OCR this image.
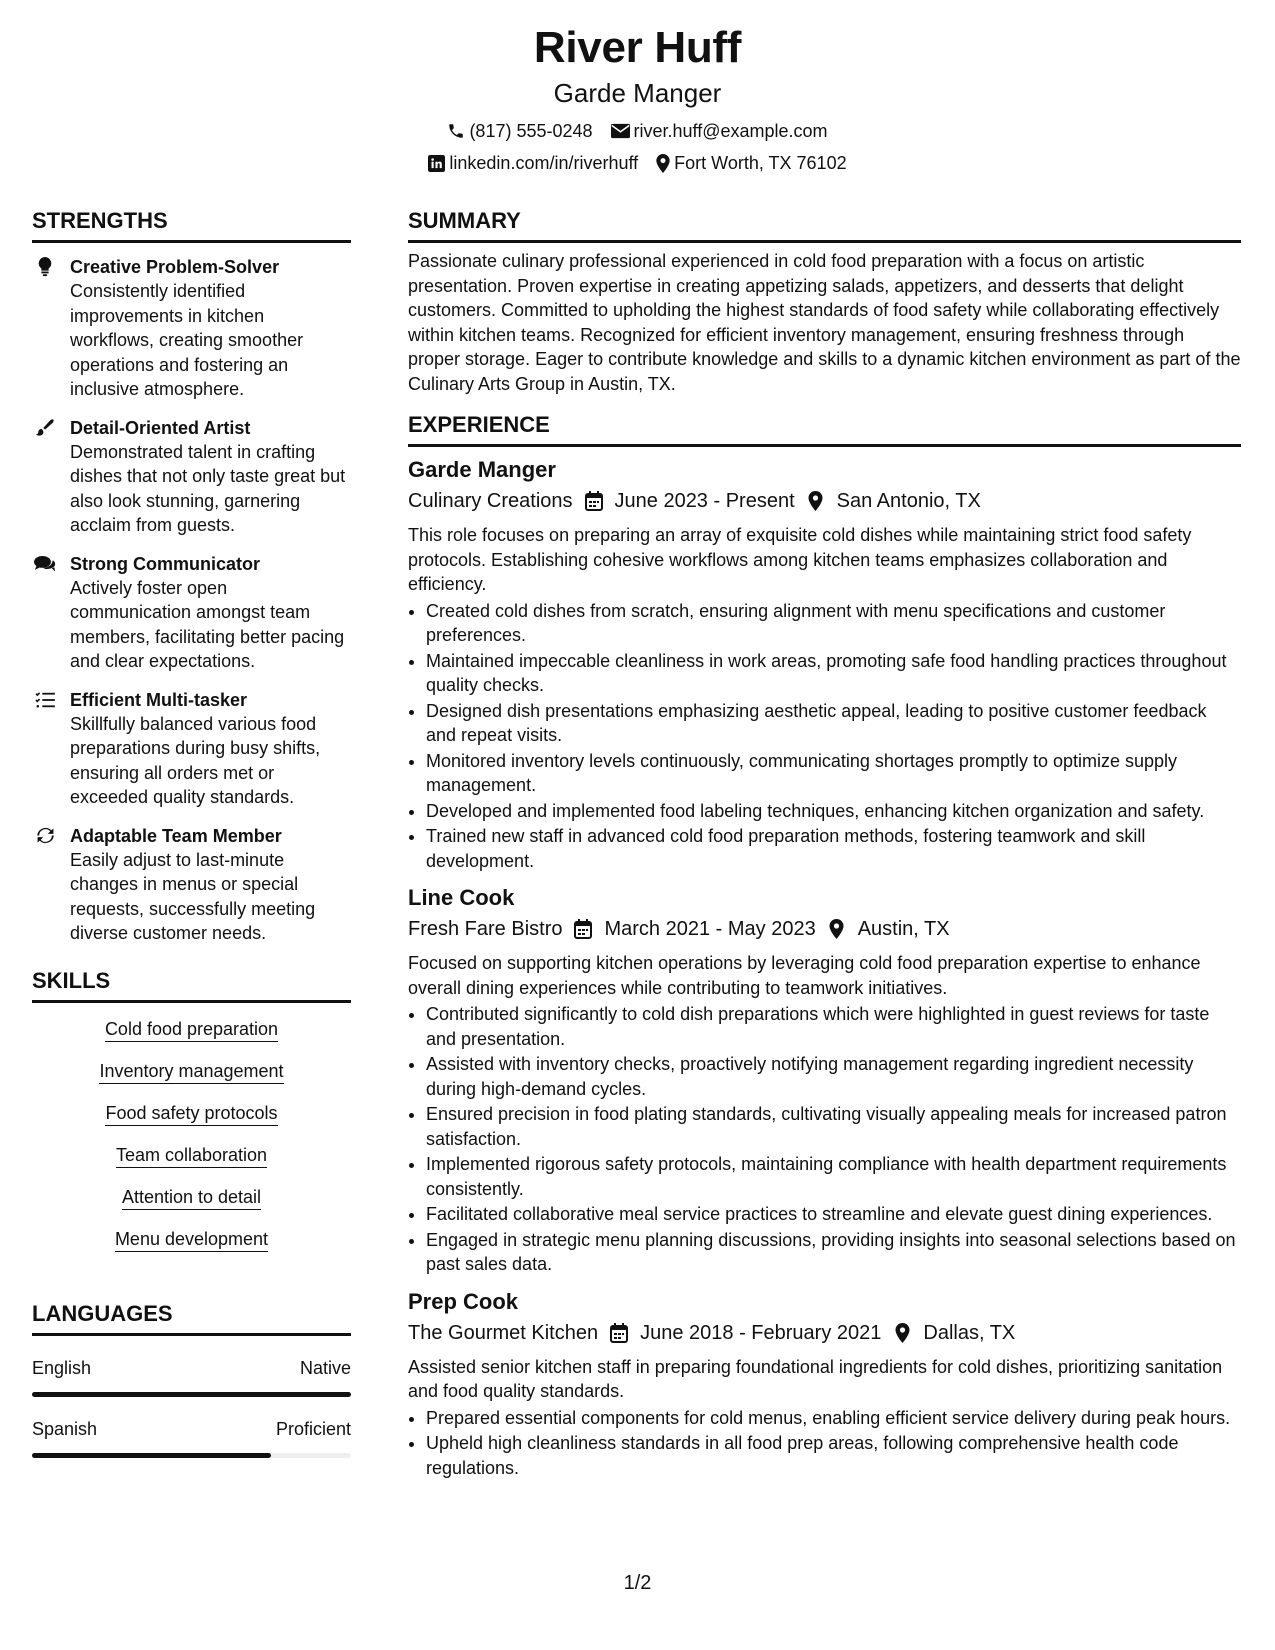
River Huff
Garde Manger
(817) 555-0248 river.huff@example.com
linkedin.com/in/riverhuff Fort Worth, TX 76102
STRENGTHS
Creative Problem-Solver
Consistently identified improvements in kitchen workflows, creating smoother operations and fostering an inclusive atmosphere.
Detail-Oriented Artist
Demonstrated talent in crafting dishes that not only taste great but also look stunning, garnering acclaim from guests.
Strong Communicator
Actively foster open communication amongst team members, facilitating better pacing and clear expectations.
Efficient Multi-tasker
Skillfully balanced various food preparations during busy shifts, ensuring all orders met or exceeded quality standards.
Adaptable Team Member
Easily adjust to last-minute changes in menus or special requests, successfully meeting diverse customer needs.
SKILLS
Cold food preparation
Inventory management
Food safety protocols
Team collaboration
Attention to detail
Menu development
LANGUAGES
English	Native
Spanish	Proficient
SUMMARY

Passionate culinary professional experienced in cold food preparation with a focus on artistic presentation. Proven expertise in creating appetizing salads, appetizers, and desserts that delight customers. Committed to upholding the highest standards of food safety while collaborating effectively within kitchen teams. Recognized for efficient inventory management, ensuring freshness through proper storage. Eager to contribute knowledge and skills to a dynamic kitchen environment as part of the Culinary Arts Group in Austin, TX.

EXPERIENCE
Garde Manger
Culinary Creations June 2023 - Present San Antonio, TX

This role focuses on preparing an array of exquisite cold dishes while maintaining strict food safety protocols. Establishing cohesive workflows among kitchen teams emphasizes collaboration and efficiency.

• Created cold dishes from scratch, ensuring alignment with menu specifications and customer preferences.
• Maintained impeccable cleanliness in work areas, promoting safe food handling practices throughout quality checks.
• Designed dish presentations emphasizing aesthetic appeal, leading to positive customer feedback and repeat visits.
• Monitored inventory levels continuously, communicating shortages promptly to optimize supply management.
• Developed and implemented food labeling techniques, enhancing kitchen organization and safety.
• Trained new staff in advanced cold food preparation methods, fostering teamwork and skill development.
Line Cook
Fresh Fare Bistro March 2021 - May 2023 Austin, TX

Focused on supporting kitchen operations by leveraging cold food preparation expertise to enhance overall dining experiences while contributing to teamwork initiatives.

• Contributed significantly to cold dish preparations which were highlighted in guest reviews for taste and presentation.
• Assisted with inventory checks, proactively notifying management regarding ingredient necessity during high-demand cycles.
• Ensured precision in food plating standards, cultivating visually appealing meals for increased patron satisfaction.
• Implemented rigorous safety protocols, maintaining compliance with health department requirements consistently.
• Facilitated collaborative meal service practices to streamline and elevate guest dining experiences.
• Engaged in strategic menu planning discussions, providing insights into seasonal selections based on past sales data.
Prep Cook
The Gourmet Kitchen June 2018 - February 2021 Dallas, TX

Assisted senior kitchen staff in preparing foundational ingredients for cold dishes, prioritizing sanitation and food quality standards.

• Prepared essential components for cold menus, enabling efficient service delivery during peak hours.
• Upheld high cleanliness standards in all food prep areas, following comprehensive health code regulations.
1/2
